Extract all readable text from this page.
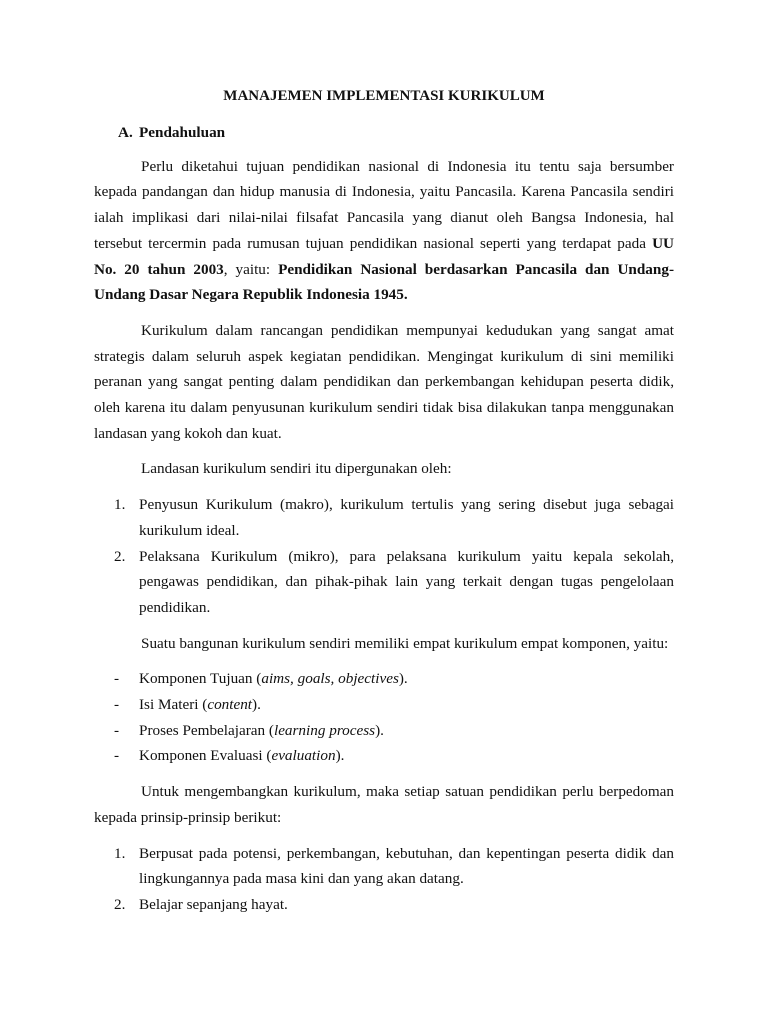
MANAJEMEN IMPLEMENTASI KURIKULUM
A. Pendahuluan

Perlu diketahui tujuan pendidikan nasional di Indonesia itu tentu saja bersumber kepada pandangan dan hidup manusia di Indonesia, yaitu Pancasila. Karena Pancasila sendiri ialah implikasi dari nilai-nilai filsafat Pancasila yang dianut oleh Bangsa Indonesia, hal tersebut tercermin pada rumusan tujuan pendidikan nasional seperti yang terdapat pada UU No. 20 tahun 2003, yaitu: Pendidikan Nasional berdasarkan Pancasila dan Undang-Undang Dasar Negara Republik Indonesia 1945.

Kurikulum dalam rancangan pendidikan mempunyai kedudukan yang sangat amat strategis dalam seluruh aspek kegiatan pendidikan. Mengingat kurikulum di sini memiliki peranan yang sangat penting dalam pendidikan dan perkembangan kehidupan peserta didik, oleh karena itu dalam penyusunan kurikulum sendiri tidak bisa dilakukan tanpa menggunakan landasan yang kokoh dan kuat.

Landasan kurikulum sendiri itu dipergunakan oleh:

1. Penyusun Kurikulum (makro), kurikulum tertulis yang sering disebut juga sebagai kurikulum ideal.
2. Pelaksana Kurikulum (mikro), para pelaksana kurikulum yaitu kepala sekolah, pengawas pendidikan, dan pihak-pihak lain yang terkait dengan tugas pengelolaan pendidikan.

Suatu bangunan kurikulum sendiri memiliki empat kurikulum empat komponen, yaitu:

-	Komponen Tujuan (aims, goals, objectives).
-	Isi Materi (content).
-	Proses Pembelajaran (learning process).
-	Komponen Evaluasi (evaluation).

Untuk mengembangkan kurikulum, maka setiap satuan pendidikan perlu berpedoman kepada prinsip-prinsip berikut:

1. Berpusat pada potensi, perkembangan, kebutuhan, dan kepentingan peserta didik dan lingkungannya pada masa kini dan yang akan datang.
2. Belajar sepanjang hayat.
